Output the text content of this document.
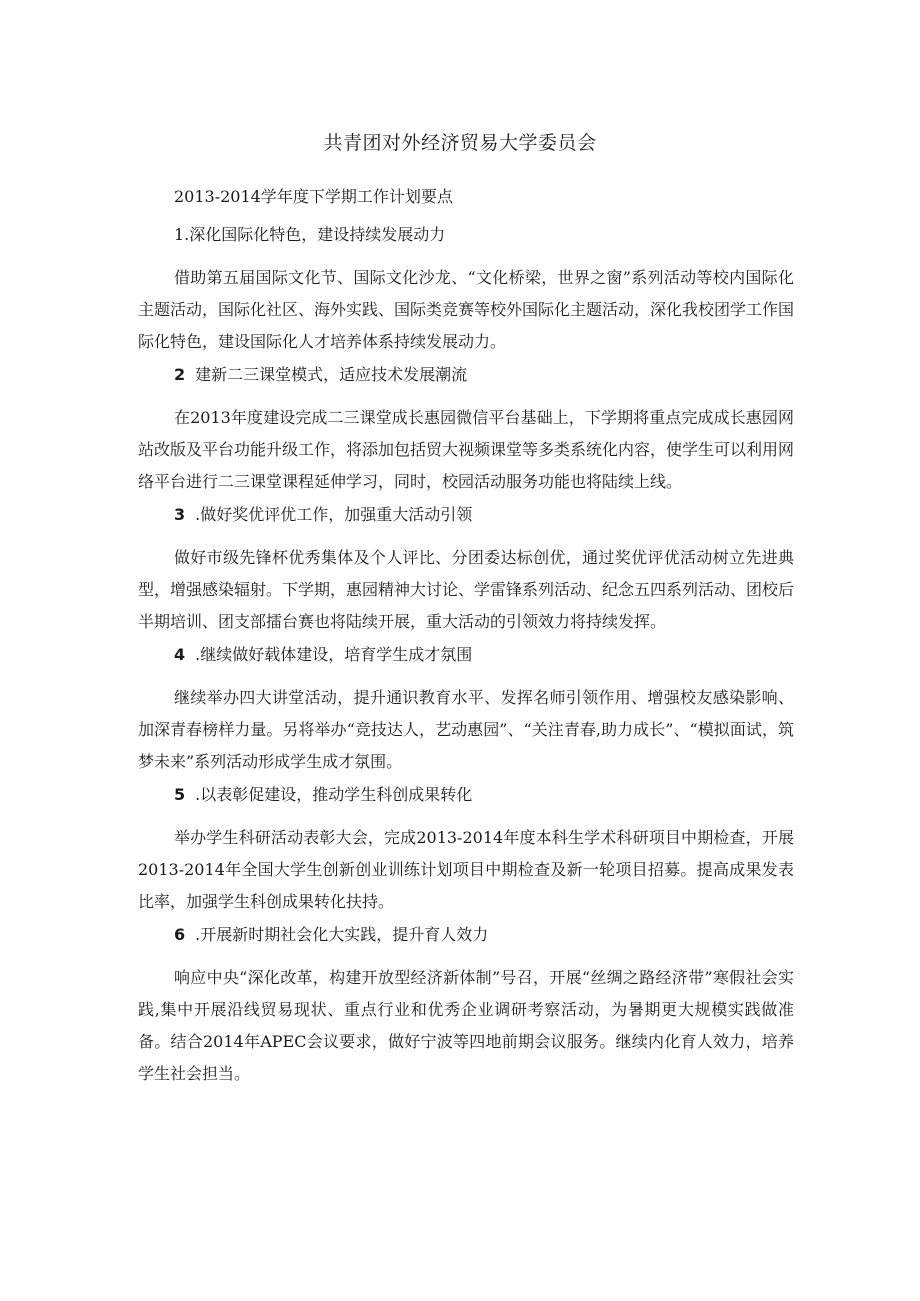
共青团对外经济贸易大学委员会

2013-2014学年度下学期工作计划要点

1.深化国际化特色，建设持续发展动力

借助第五届国际文化节、国际文化沙龙、“文化桥梁，世界之窗”系列活动等校内国际化主题活动，国际化社区、海外实践、国际类竞赛等校外国际化主题活动，深化我校团学工作国际化特色，建设国际化人才培养体系持续发展动力。

2 建新二三课堂模式，适应技术发展潮流

在2013年度建设完成二三课堂成长惠园微信平台基础上，下学期将重点完成成长惠园网站改版及平台功能升级工作，将添加包括贸大视频课堂等多类系统化内容，使学生可以利用网络平台进行二三课堂课程延伸学习，同时，校园活动服务功能也将陆续上线。

3 .做好奖优评优工作，加强重大活动引领

做好市级先锋杯优秀集体及个人评比、分团委达标创优，通过奖优评优活动树立先进典型，增强感染辐射。下学期，惠园精神大讨论、学雷锋系列活动、纪念五四系列活动、团校后半期培训、团支部擂台赛也将陆续开展，重大活动的引领效力将持续发挥。

4 .继续做好载体建设，培育学生成才氛围

继续举办四大讲堂活动，提升通识教育水平、发挥名师引领作用、增强校友感染影响、加深青春榜样力量。另将举办“竞技达人，艺动惠园”、“关注青春,助力成长”、“模拟面试，筑梦未来”系列活动形成学生成才氛围。

5 .以表彰促建设，推动学生科创成果转化

举办学生科研活动表彰大会，完成2013-2014年度本科生学术科研项目中期检查，开展2013-2014年全国大学生创新创业训练计划项目中期检查及新一轮项目招募。提高成果发表比率，加强学生科创成果转化扶持。

6 .开展新时期社会化大实践，提升育人效力

响应中央“深化改革，构建开放型经济新体制”号召，开展“丝绸之路经济带”寒假社会实践,集中开展沿线贸易现状、重点行业和优秀企业调研考察活动，为暑期更大规模实践做准备。结合2014年APEC会议要求，做好宁波等四地前期会议服务。继续内化育人效力，培养学生社会担当。
